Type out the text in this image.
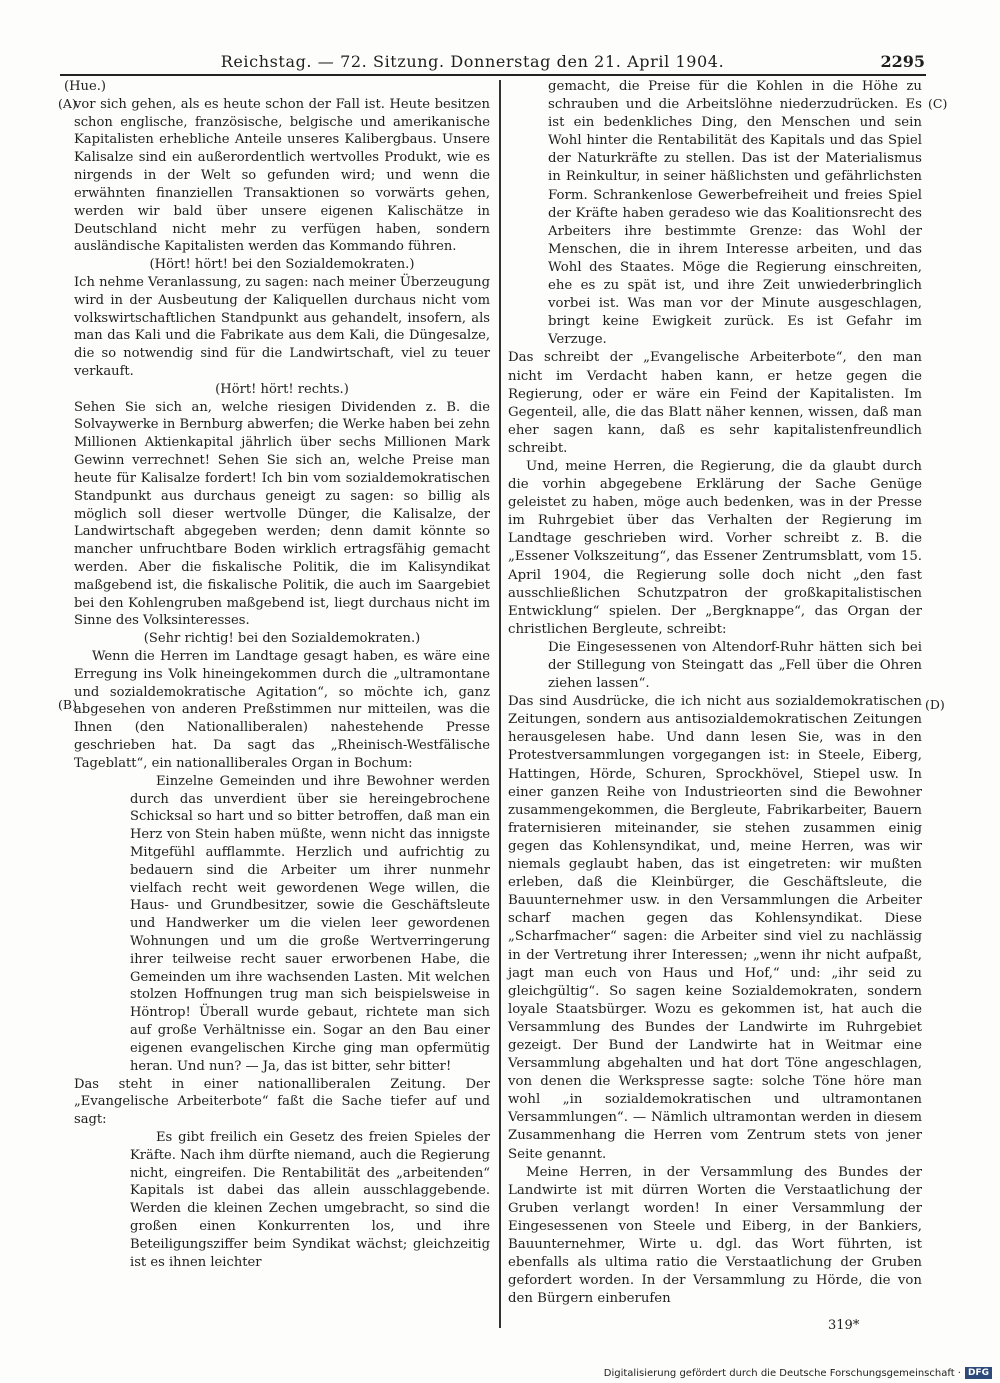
Reichstag. — 72. Sitzung. Donnerstag den 21. April 1904.	2295
(A)
(B)
(C)
(D)
(Hue.)

vor sich gehen, als es heute schon der Fall ist. Heute besitzen schon englische, französische, belgische und amerikanische Kapitalisten erhebliche Anteile unseres Kalibergbaus. Unsere Kalisalze sind ein außerordentlich wertvolles Produkt, wie es nirgends in der Welt so gefunden wird; und wenn die erwähnten finanziellen Transaktionen so vorwärts gehen, werden wir bald über unsere eigenen Kalischätze in Deutschland nicht mehr zu verfügen haben, sondern ausländische Kapitalisten werden das Kommando führen.

(Hört! hört! bei den Sozialdemokraten.)

Ich nehme Veranlassung, zu sagen: nach meiner Überzeugung wird in der Ausbeutung der Kaliquellen durchaus nicht vom volkswirtschaftlichen Standpunkt aus gehandelt, insofern, als man das Kali und die Fabrikate aus dem Kali, die Düngesalze, die so notwendig sind für die Landwirtschaft, viel zu teuer verkauft.

(Hört! hört! rechts.)

Sehen Sie sich an, welche riesigen Dividenden z. B. die Solvaywerke in Bernburg abwerfen; die Werke haben bei zehn Millionen Aktienkapital jährlich über sechs Millionen Mark Gewinn verrechnet! Sehen Sie sich an, welche Preise man heute für Kalisalze fordert! Ich bin vom sozialdemokratischen Standpunkt aus durchaus geneigt zu sagen: so billig als möglich soll dieser wertvolle Dünger, die Kalisalze, der Landwirtschaft abgegeben werden; denn damit könnte so mancher unfruchtbare Boden wirklich ertragsfähig gemacht werden. Aber die fiskalische Politik, die im Kalisyndikat maßgebend ist, die fiskalische Politik, die auch im Saargebiet bei den Kohlengruben maßgebend ist, liegt durchaus nicht im Sinne des Volksinteresses.

(Sehr richtig! bei den Sozialdemokraten.)

Wenn die Herren im Landtage gesagt haben, es wäre eine Erregung ins Volk hineingekommen durch die „ultramontane und sozialdemokratische Agitation“, so möchte ich, ganz abgesehen von anderen Preßstimmen nur mitteilen, was die Ihnen (den Nationalliberalen) nahestehende Presse geschrieben hat. Da sagt das „Rheinisch-Westfälische Tageblatt“, ein nationalliberales Organ in Bochum:

Einzelne Gemeinden und ihre Bewohner werden durch das unverdient über sie hereingebrochene Schicksal so hart und so bitter betroffen, daß man ein Herz von Stein haben müßte, wenn nicht das innigste Mitgefühl aufflammte. Herzlich und aufrichtig zu bedauern sind die Arbeiter um ihrer nunmehr vielfach recht weit gewordenen Wege willen, die Haus- und Grundbesitzer, sowie die Geschäftsleute und Handwerker um die vielen leer gewordenen Wohnungen und um die große Wertverringerung ihrer teilweise recht sauer erworbenen Habe, die Gemeinden um ihre wachsenden Lasten. Mit welchen stolzen Hoffnungen trug man sich beispielsweise in Höntrop! Überall wurde gebaut, richtete man sich auf große Verhältnisse ein. Sogar an den Bau einer eigenen evangelischen Kirche ging man opfermütig heran. Und nun? — Ja, das ist bitter, sehr bitter!

Das steht in einer nationalliberalen Zeitung. Der „Evangelische Arbeiterbote“ faßt die Sache tiefer auf und sagt:

Es gibt freilich ein Gesetz des freien Spieles der Kräfte. Nach ihm dürfte niemand, auch die Regierung nicht, eingreifen. Die Rentabilität des „arbeitenden“ Kapitals ist dabei das allein ausschlaggebende. Werden die kleinen Zechen umgebracht, so sind die großen einen Konkurrenten los, und ihre Beteiligungsziffer beim Syndikat wächst; gleichzeitig ist es ihnen leichter

gemacht, die Preise für die Kohlen in die Höhe zu schrauben und die Arbeitslöhne niederzudrücken. Es ist ein bedenkliches Ding, den Menschen und sein Wohl hinter die Rentabilität des Kapitals und das Spiel der Naturkräfte zu stellen. Das ist der Materialismus in Reinkultur, in seiner häßlichsten und gefährlichsten Form. Schrankenlose Gewerbefreiheit und freies Spiel der Kräfte haben geradeso wie das Koalitionsrecht des Arbeiters ihre bestimmte Grenze: das Wohl der Menschen, die in ihrem Interesse arbeiten, und das Wohl des Staates. Möge die Regierung einschreiten, ehe es zu spät ist, und ihre Zeit unwiederbringlich vorbei ist. Was man vor der Minute ausgeschlagen, bringt keine Ewigkeit zurück. Es ist Gefahr im Verzuge.

Das schreibt der „Evangelische Arbeiterbote“, den man nicht im Verdacht haben kann, er hetze gegen die Regierung, oder er wäre ein Feind der Kapitalisten. Im Gegenteil, alle, die das Blatt näher kennen, wissen, daß man eher sagen kann, daß es sehr kapitalistenfreundlich schreibt.

Und, meine Herren, die Regierung, die da glaubt durch die vorhin abgegebene Erklärung der Sache Genüge geleistet zu haben, möge auch bedenken, was in der Presse im Ruhrgebiet über das Verhalten der Regierung im Landtage geschrieben wird. Vorher schreibt z. B. die „Essener Volkszeitung“, das Essener Zentrumsblatt, vom 15. April 1904, die Regierung solle doch nicht „den fast ausschließlichen Schutzpatron der großkapitalistischen Entwicklung“ spielen. Der „Bergknappe“, das Organ der christlichen Bergleute, schreibt:

Die Eingesessenen von Altendorf-Ruhr hätten sich bei der Stillegung von Steingatt das „Fell über die Ohren ziehen lassen“.

Das sind Ausdrücke, die ich nicht aus sozialdemokratischen Zeitungen, sondern aus antisozialdemokratischen Zeitungen herausgelesen habe. Und dann lesen Sie, was in den Protestversammlungen vorgegangen ist: in Steele, Eiberg, Hattingen, Hörde, Schuren, Sprockhövel, Stiepel usw. In einer ganzen Reihe von Industrieorten sind die Bewohner zusammengekommen, die Bergleute, Fabrikarbeiter, Bauern fraternisieren miteinander, sie stehen zusammen einig gegen das Kohlensyndikat, und, meine Herren, was wir niemals geglaubt haben, das ist eingetreten: wir mußten erleben, daß die Kleinbürger, die Geschäftsleute, die Bauunternehmer usw. in den Versammlungen die Arbeiter scharf machen gegen das Kohlensyndikat. Diese „Scharfmacher“ sagen: die Arbeiter sind viel zu nachlässig in der Vertretung ihrer Interessen; „wenn ihr nicht aufpaßt, jagt man euch von Haus und Hof,“ und: „ihr seid zu gleichgültig“. So sagen keine Sozialdemokraten, sondern loyale Staatsbürger. Wozu es gekommen ist, hat auch die Versammlung des Bundes der Landwirte im Ruhrgebiet gezeigt. Der Bund der Landwirte hat in Weitmar eine Versammlung abgehalten und hat dort Töne angeschlagen, von denen die Werkspresse sagte: solche Töne höre man wohl „in sozialdemokratischen und ultramontanen Versammlungen“. — Nämlich ultramontan werden in diesem Zusammenhang die Herren vom Zentrum stets von jener Seite genannt.

Meine Herren, in der Versammlung des Bundes der Landwirte ist mit dürren Worten die Verstaatlichung der Gruben verlangt worden! In einer Versammlung der Eingesessenen von Steele und Eiberg, in der Bankiers, Bauunternehmer, Wirte u. dgl. das Wort führten, ist ebenfalls als ultima ratio die Verstaatlichung der Gruben gefordert worden. In der Versammlung zu Hörde, die von den Bürgern einberufen

319*
Digitalisierung gefördert durch die Deutsche Forschungsgemeinschaft · DFG
